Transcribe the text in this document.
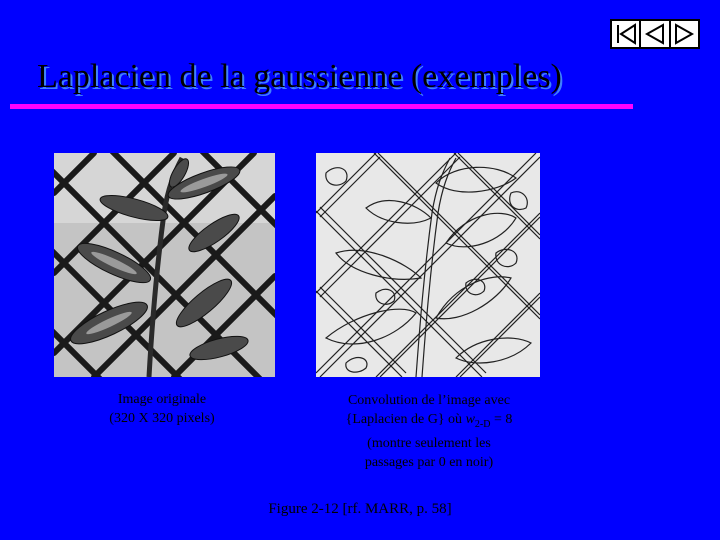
Laplacien de la gaussienne (exemples)

Image originale
(320 X 320 pixels)

Convolution de l’image avec
{Laplacien de G} où $w_{2-D} = 8$
(montre seulement les
passages par 0 en noir)

Figure 2-12 [rf. MARR, p. 58]
